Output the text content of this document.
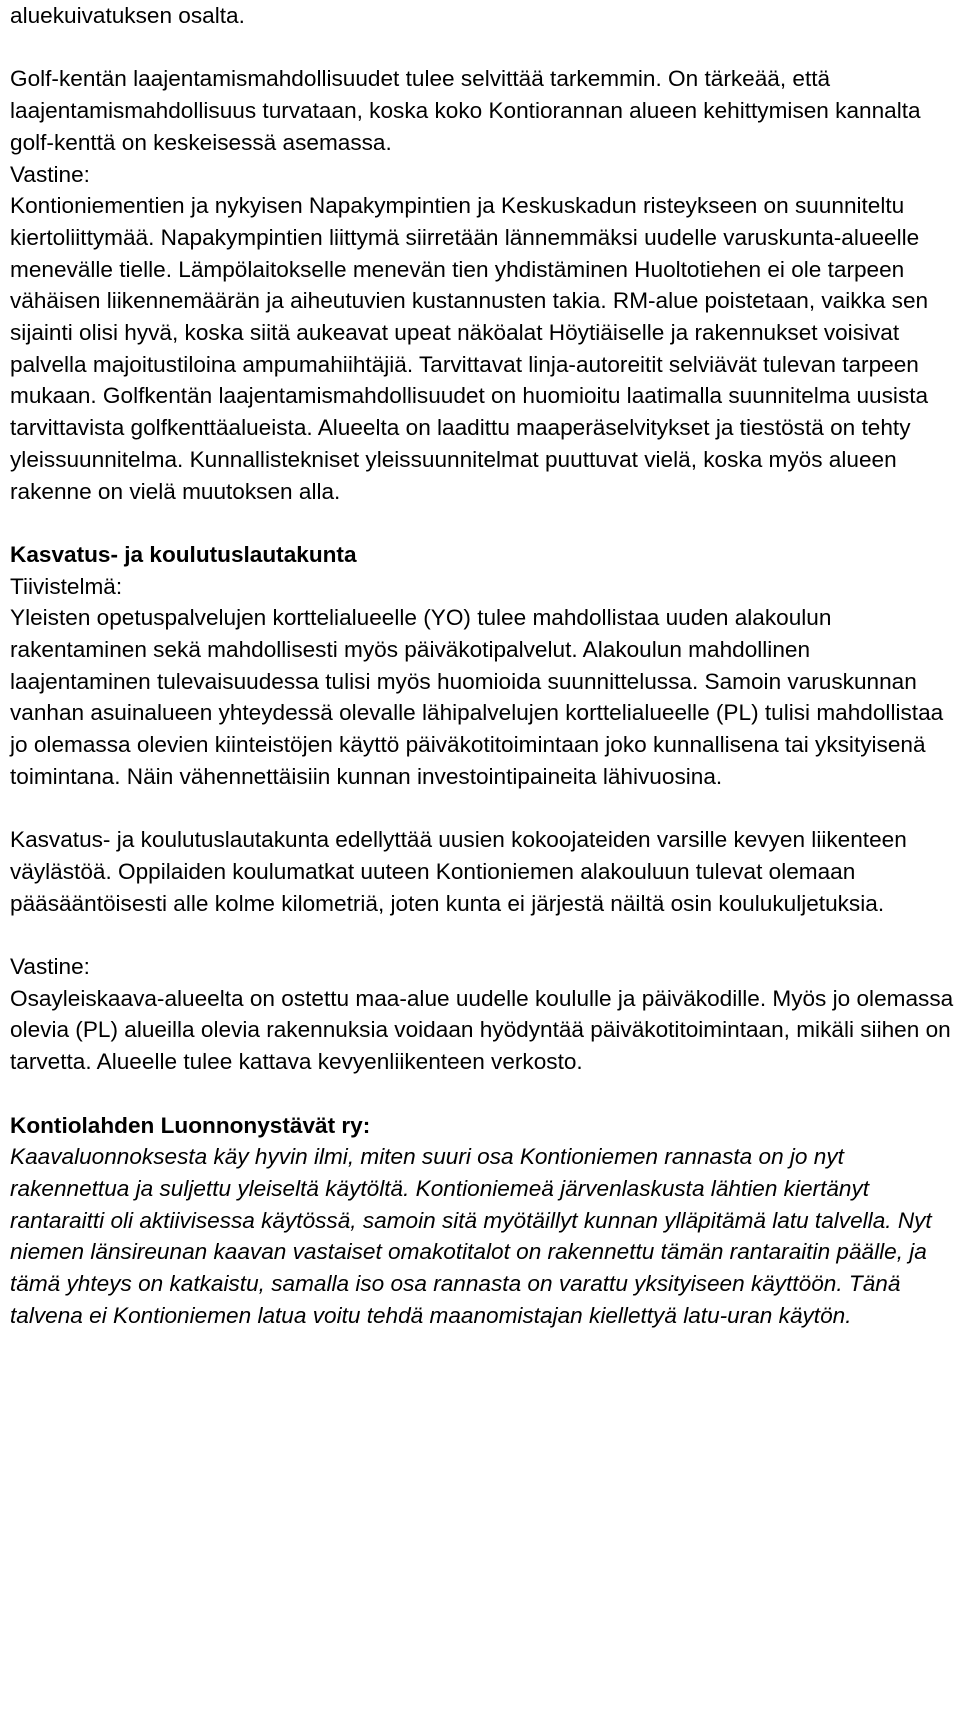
aluekuivatuksen osalta.

Golf-kentän laajentamismahdollisuudet tulee selvittää tarkemmin. On tärkeää, että laajentamismahdollisuus turvataan, koska koko Kontiorannan alueen kehittymisen kannalta golf-kenttä on keskeisessä asemassa.

Vastine:
Kontioniementien ja nykyisen Napakympintien ja Keskuskadun risteykseen on suunniteltu kiertoliittymää. Napakympintien liittymä siirretään lännemmäksi uudelle varuskunta-alueelle menevälle tielle. Lämpölaitokselle menevän tien yhdistäminen Huoltotiehen ei ole tarpeen vähäisen liikennemäärän ja aiheutuvien kustannusten takia. RM-alue poistetaan, vaikka sen sijainti olisi hyvä, koska siitä aukeavat upeat näköalat Höytiäiselle ja rakennukset voisivat palvella majoitustiloina ampumahiihtäjiä. Tarvittavat linja-autoreitit selviävät tulevan tarpeen mukaan. Golfkentän laajentamismahdollisuudet on huomioitu laatimalla suunnitelma uusista tarvittavista golfkenttäalueista. Alueelta on laadittu maaperäselvitykset ja tiestöstä on tehty yleissuunnitelma. Kunnallistekniset yleissuunnitelmat puuttuvat vielä, koska myös alueen rakenne on vielä muutoksen alla.
Kasvatus- ja koulutuslautakunta
Tiivistelmä:
Yleisten opetuspalvelujen korttelialueelle (YO) tulee mahdollistaa uuden alakoulun rakentaminen sekä mahdollisesti myös päiväkotipalvelut. Alakoulun mahdollinen laajentaminen tulevaisuudessa tulisi myös huomioida suunnittelussa. Samoin varuskunnan vanhan asuinalueen yhteydessä olevalle lähipalvelujen korttelialueelle (PL) tulisi mahdollistaa jo olemassa olevien kiinteistöjen käyttö päiväkotitoimintaan joko kunnallisena tai yksityisenä toimintana. Näin vähennettäisiin kunnan investointipaineita lähivuosina.

Kasvatus- ja koulutuslautakunta edellyttää uusien kokoojateiden varsille kevyen liikenteen väylästöä. Oppilaiden koulumatkat uuteen Kontioniemen alakouluun tulevat olemaan pääsääntöisesti alle kolme kilometriä, joten kunta ei järjestä näiltä osin koulukuljetuksia.

Vastine:
Osayleiskaava-alueelta on ostettu maa-alue uudelle koululle ja päiväkodille. Myös jo olemassa olevia (PL) alueilla olevia rakennuksia voidaan hyödyntää päiväkotitoimintaan, mikäli siihen on tarvetta. Alueelle tulee kattava kevyenliikenteen verkosto.
Kontiolahden Luonnonystävät ry:
Kaavaluonnoksesta käy hyvin ilmi, miten suuri osa Kontioniemen rannasta on jo nyt rakennettua ja suljettu yleiseltä käytöltä. Kontioniemeä järvenlaskusta lähtien kiertänyt rantaraitti oli aktiivisessa käytössä, samoin sitä myötäillyt kunnan ylläpitämä latu talvella. Nyt niemen länsireunan kaavan vastaiset omakotitalot on rakennettu tämän rantaraitin päälle, ja tämä yhteys on katkaistu, samalla iso osa rannasta on varattu yksityiseen käyttöön. Tänä talvena ei Kontioniemen latua voitu tehdä maanomistajan kiellettyä latu-uran käytön.
